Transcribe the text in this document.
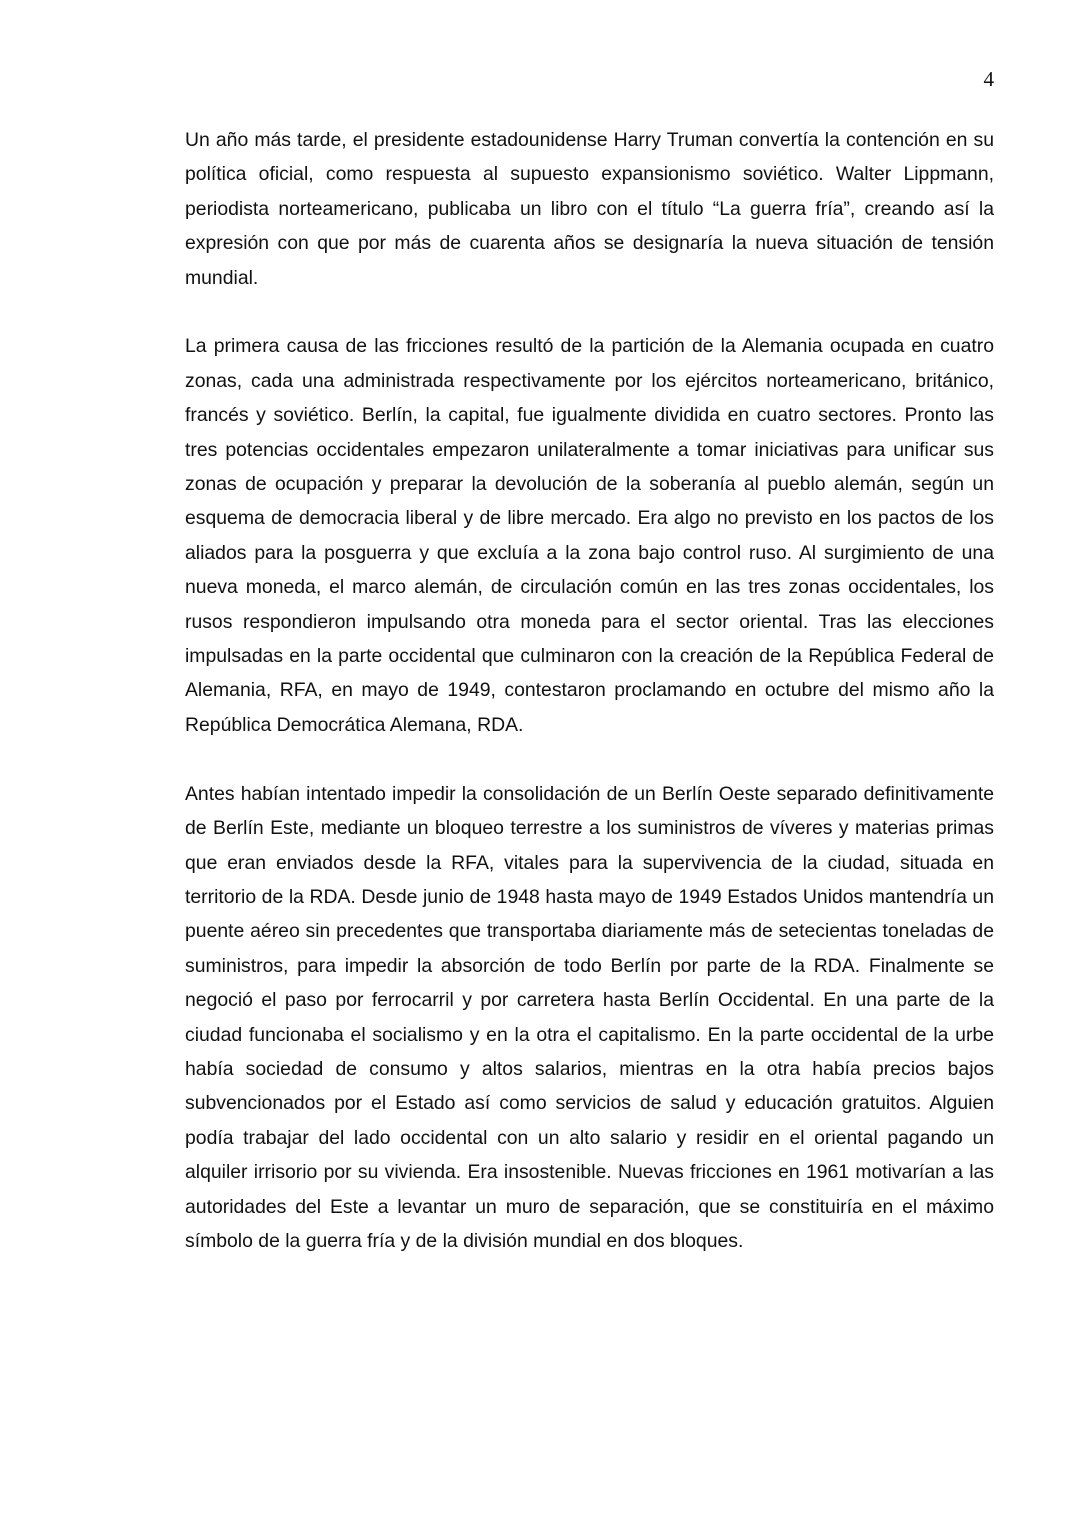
4

Un año más tarde, el presidente estadounidense Harry Truman convertía la contención en su política oficial, como respuesta al supuesto expansionismo soviético. Walter Lippmann, periodista norteamericano, publicaba un libro con el título “La guerra fría”, creando así la expresión con que por más de cuarenta años se designaría la nueva situación de tensión mundial.

La primera causa de las fricciones resultó de la partición de la Alemania ocupada en cuatro zonas, cada una administrada respectivamente por los ejércitos norteamericano, británico, francés y soviético. Berlín, la capital, fue igualmente dividida en cuatro sectores. Pronto las tres potencias occidentales empezaron unilateralmente a tomar iniciativas para unificar sus zonas de ocupación y preparar la devolución de la soberanía al pueblo alemán, según un esquema de democracia liberal y de libre mercado. Era algo no previsto en los pactos de los aliados para la posguerra y que excluía a la zona bajo control ruso. Al surgimiento de una nueva moneda, el marco alemán, de circulación común en las tres zonas occidentales, los rusos respondieron impulsando otra moneda para el sector oriental. Tras las elecciones impulsadas en la parte occidental que culminaron con la creación de la República Federal de Alemania, RFA, en mayo de 1949, contestaron proclamando en octubre del mismo año la República Democrática Alemana, RDA.

Antes habían intentado impedir la consolidación de un Berlín Oeste separado definitivamente de Berlín Este, mediante un bloqueo terrestre a los suministros de víveres y materias primas que eran enviados desde la RFA, vitales para la supervivencia de la ciudad, situada en territorio de la RDA. Desde junio de 1948 hasta mayo de 1949 Estados Unidos mantendría un puente aéreo sin precedentes que transportaba diariamente más de setecientas toneladas de suministros, para impedir la absorción de todo Berlín por parte de la RDA. Finalmente se negoció el paso por ferrocarril y por carretera hasta Berlín Occidental. En una parte de la ciudad funcionaba el socialismo y en la otra el capitalismo. En la parte occidental de la urbe había sociedad de consumo y altos salarios, mientras en la otra había precios bajos subvencionados por el Estado así como servicios de salud y educación gratuitos. Alguien podía trabajar del lado occidental con un alto salario y residir en el oriental pagando un alquiler irrisorio por su vivienda. Era insostenible. Nuevas fricciones en 1961 motivarían a las autoridades del Este a levantar un muro de separación, que se constituiría en el máximo símbolo de la guerra fría y de la división mundial en dos bloques.
